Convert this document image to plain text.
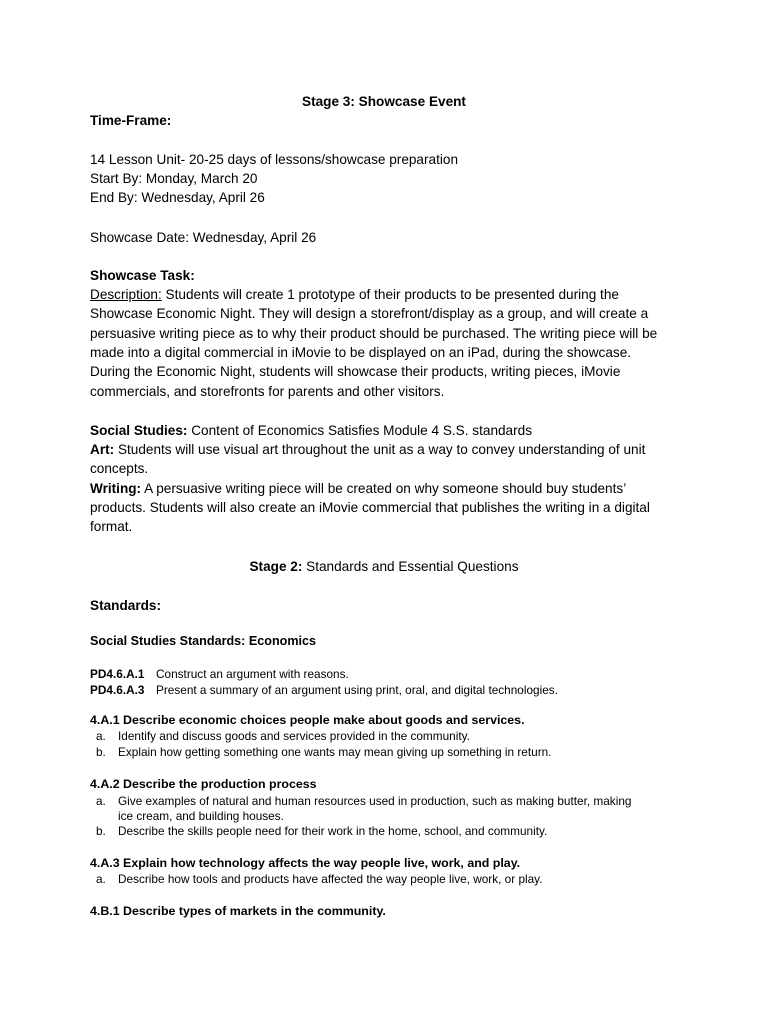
Stage 3: Showcase Event
Time-Frame:
14 Lesson Unit- 20-25 days of lessons/showcase preparation
Start By: Monday, March 20
End By: Wednesday, April 26
Showcase Date: Wednesday, April 26
Showcase Task:
Description: Students will create 1 prototype of their products to be presented during the
Showcase Economic Night. They will design a storefront/display as a group, and will create a
persuasive writing piece as to why their product should be purchased. The writing piece will be
made into a digital commercial in iMovie to be displayed on an iPad, during the showcase.
During the Economic Night, students will showcase their products, writing pieces, iMovie
commercials, and storefronts for parents and other visitors.
Social Studies: Content of Economics Satisfies Module 4 S.S. standards
Art: Students will use visual art throughout the unit as a way to convey understanding of unit
concepts.
Writing: A persuasive writing piece will be created on why someone should buy students’
products. Students will also create an iMovie commercial that publishes the writing in a digital
format.
Stage 2: Standards and Essential Questions
Standards:
Social Studies Standards: Economics
PD4.6.A.1 Construct an argument with reasons.
PD4.6.A.3 Present a summary of an argument using print, oral, and digital technologies.
4.A.1 Describe economic choices people make about goods and services.
a. Identify and discuss goods and services provided in the community.
b. Explain how getting something one wants may mean giving up something in return.
4.A.2 Describe the production process
a. Give examples of natural and human resources used in production, such as making butter, making
ice cream, and building houses.
b. Describe the skills people need for their work in the home, school, and community.
4.A.3 Explain how technology affects the way people live, work, and play.
a. Describe how tools and products have affected the way people live, work, or play.
4.B.1 Describe types of markets in the community.
